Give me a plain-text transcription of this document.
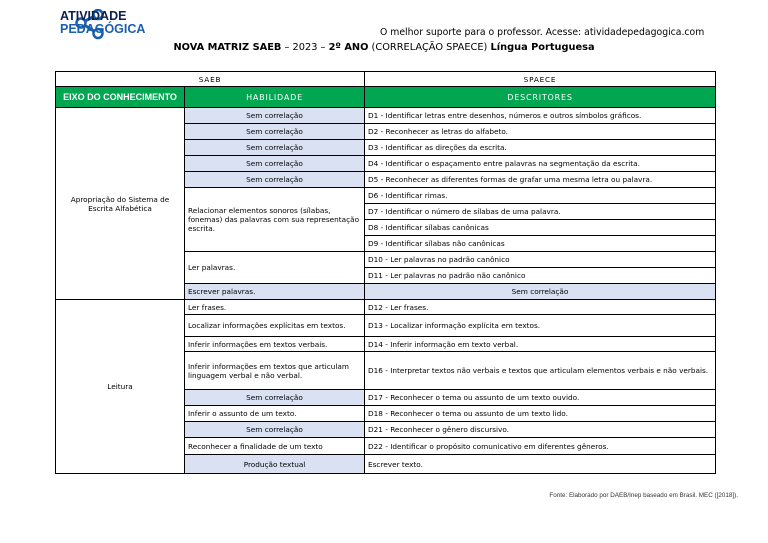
ATIVIDADE
PEDAGÓGICA	O melhor suporte para o professor. Acesse: atividadepedagogica.com
NOVA MATRIZ SAEB – 2023 – 2º ANO (CORRELAÇÃO SPAECE) Língua Portuguesa
SAEB		SPAECE	
EIXO DO CONHECIMENTO	HABILIDADE	DESCRITORES	
Apropriação do Sistema de Escrita Alfabética	Sem correlação	D1 - Identificar letras entre desenhos, números e outros símbolos gráficos.	
	Sem correlação	D2 - Reconhecer as letras do alfabeto.	
	Sem correlação	D3 - Identificar as direções da escrita.	
	Sem correlação	D4 - Identificar o espaçamento entre palavras na segmentação da escrita.	
	Sem correlação	D5 - Reconhecer as diferentes formas de grafar uma mesma letra ou palavra.	
	Relacionar elementos sonoros (sílabas, fonemas) das palavras com sua representação escrita.	D6 - Identificar rimas.	
		D7 - Identificar o número de sílabas de uma palavra.	
		D8 - Identificar sílabas canônicas	
		D9 - Identificar sílabas não canônicas	
	Ler palavras.	D10 - Ler palavras no padrão canônico	
		D11 - Ler palavras no padrão não canônico	
	Escrever palavras.	Sem correlação	
Leitura	Ler frases.	D12 - Ler frases.	
	Localizar informações explícitas em textos.	D13 - Localizar informação explícita em textos.	
	Inferir informações em textos verbais.	D14 - Inferir informação em texto verbal.	
	Inferir informações em textos que articulam linguagem verbal e não verbal.	D16 - Interpretar textos não verbais e textos que articulam elementos verbais e não verbais.	
	Sem correlação	D17 - Reconhecer o tema ou assunto de um texto ouvido.	
	Inferir o assunto de um texto.	D18 - Reconhecer o tema ou assunto de um texto lido.	
	Sem correlação	D21 - Reconhecer o gênero discursivo.	
	Reconhecer a finalidade de um texto	D22 - Identificar o propósito comunicativo em diferentes gêneros.	
	Produção textual	Escrever texto.	
Fonte: Elaborado por DAEB/Inep baseado em Brasil. MEC ([2018]).
